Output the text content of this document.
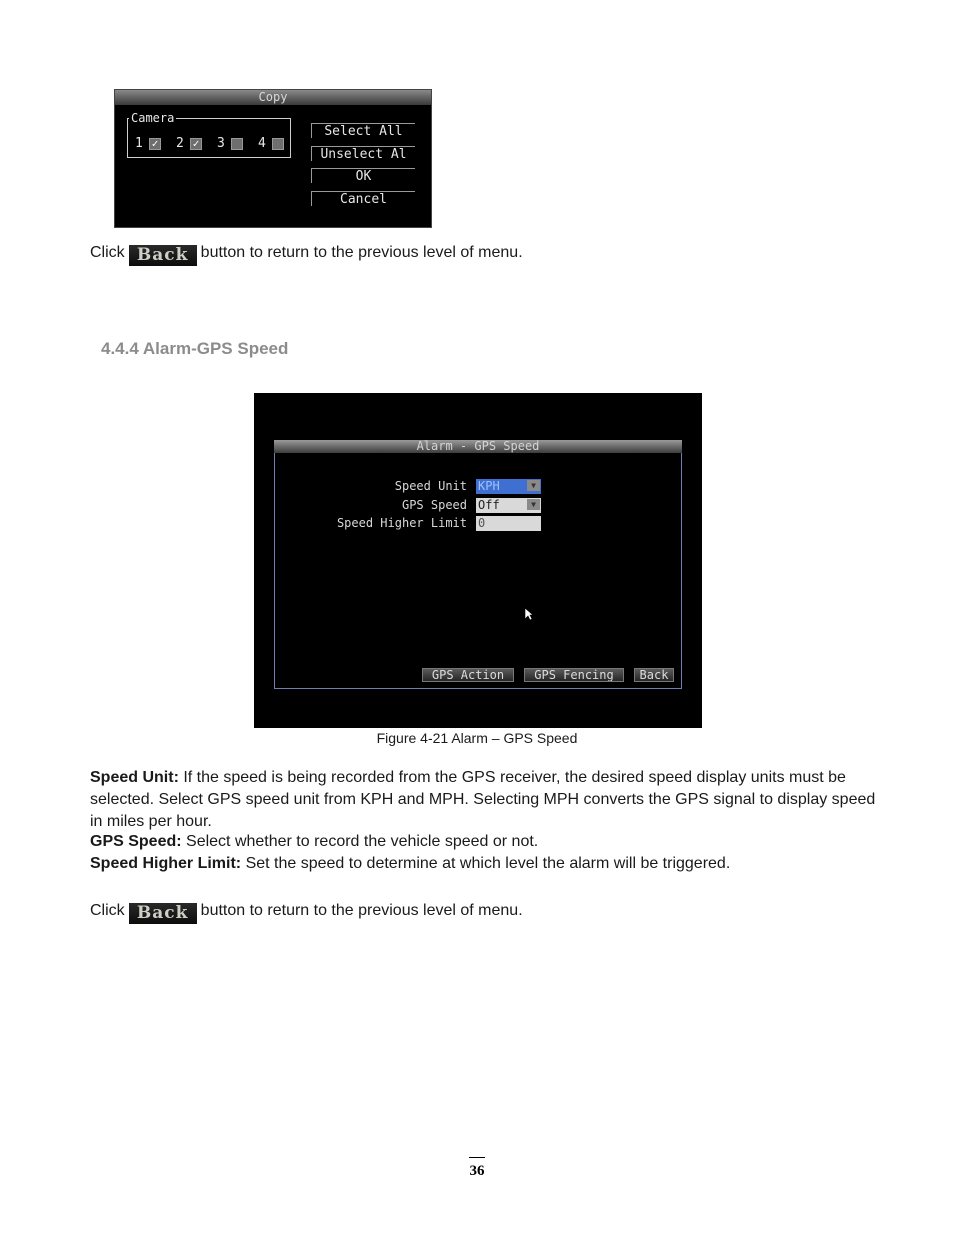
Copy
Camera
1 ✓ 2 ✓ 3	4
Select All
Unselect Al
OK
Cancel
Click Back button to return to the previous level of menu.
4.4.4 Alarm-GPS Speed
Alarm - GPS Speed
Speed Unit KPH	▼
GPS Speed Off	▼
Speed Higher Limit 0
GPS Action	GPS Fencing	Back
Figure 4-21 Alarm – GPS Speed
Speed Unit: If the speed is being recorded from the GPS receiver, the desired speed display units must be selected. Select GPS speed unit from KPH and MPH. Selecting MPH converts the GPS signal to display speed in miles per hour.
GPS Speed: Select whether to record the vehicle speed or not.
Speed Higher Limit: Set the speed to determine at which level the alarm will be triggered.
Click Back button to return to the previous level of menu.
36
